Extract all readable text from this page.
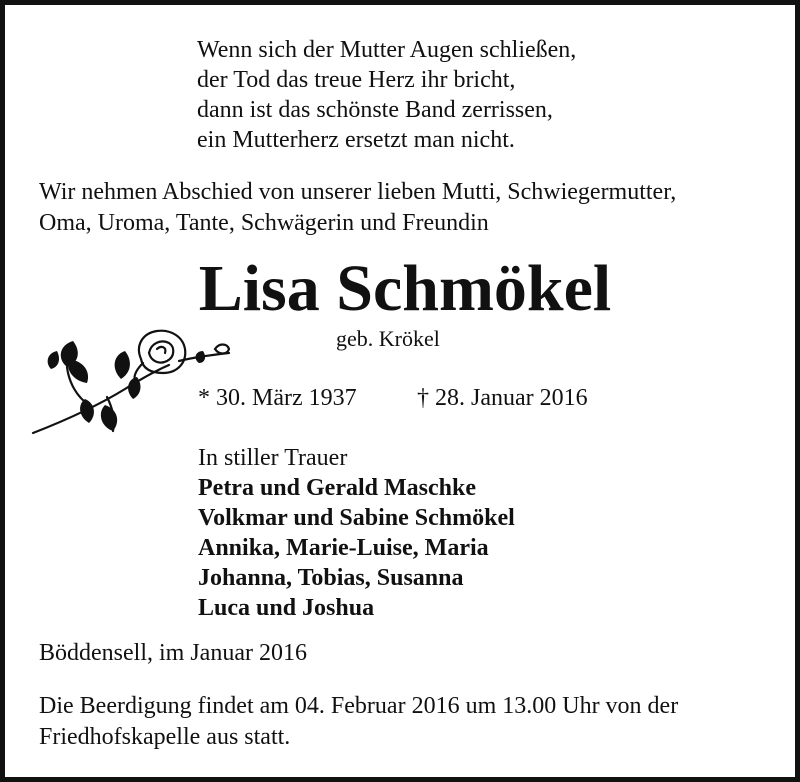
Wenn sich der Mutter Augen schließen,
der Tod das treue Herz ihr bricht,
dann ist das schönste Band zerrissen,
ein Mutterherz ersetzt man nicht.
Wir nehmen Abschied von unserer lieben Mutti, Schwiegermutter,
Oma, Uroma, Tante, Schwägerin und Freundin
Lisa Schmökel
geb. Krökel
* 30. März 1937	† 28. Januar 2016
In stiller Trauer
Petra und Gerald Maschke
Volkmar und Sabine Schmökel
Annika, Marie-Luise, Maria
Johanna, Tobias, Susanna
Luca und Joshua
Böddensell, im Januar 2016
Die Beerdigung findet am 04. Februar 2016 um 13.00 Uhr von der
Friedhofskapelle aus statt.
